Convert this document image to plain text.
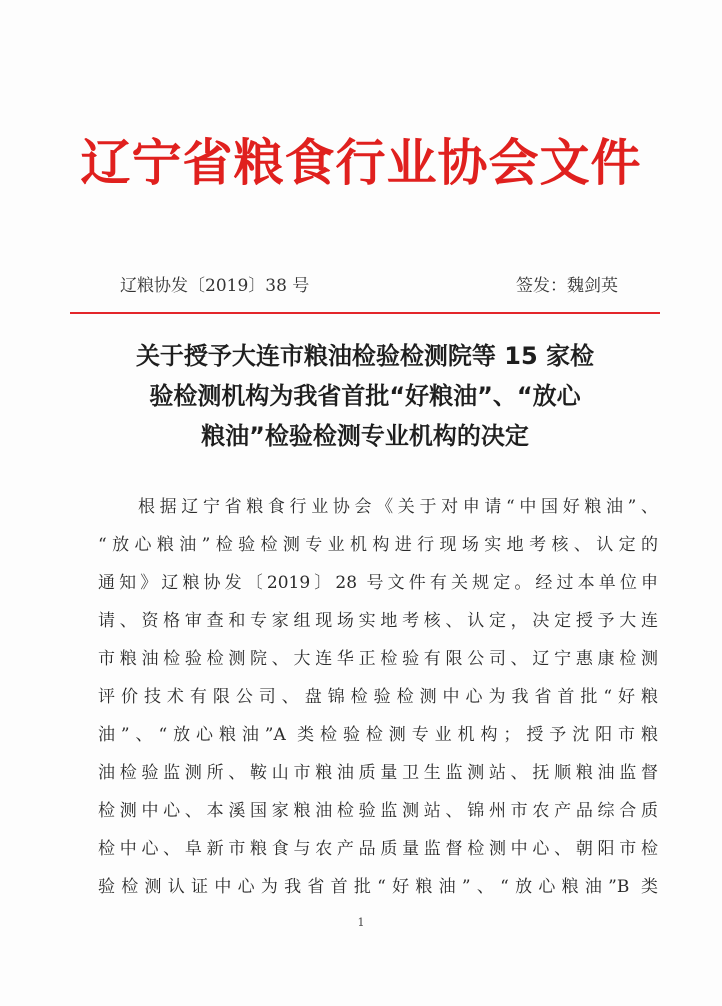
辽宁省粮食行业协会文件
辽粮协发〔2019〕38 号	签发：魏剑英
关于授予大连市粮油检验检测院等 15 家检
验检测机构为我省首批“好粮油”、“放心
粮油”检验检测专业机构的决定
根据辽宁省粮食行业协会《关于对申请“中国好粮油”、
“放心粮油”检验检测专业机构进行现场实地考核、认定的
通知》辽粮协发〔2019〕28 号文件有关规定。经过本单位申
请、资格审查和专家组现场实地考核、认定，决定授予大连
市粮油检验检测院、大连华正检验有限公司、辽宁惠康检测
评价技术有限公司、盘锦检验检测中心为我省首批“好粮
油”、“放心粮油”A 类检验检测专业机构；授予沈阳市粮
油检验监测所、鞍山市粮油质量卫生监测站、抚顺粮油监督
检测中心、本溪国家粮油检验监测站、锦州市农产品综合质
检中心、阜新市粮食与农产品质量监督检测中心、朝阳市检
验检测认证中心为我省首批“好粮油”、“放心粮油”B 类
1
